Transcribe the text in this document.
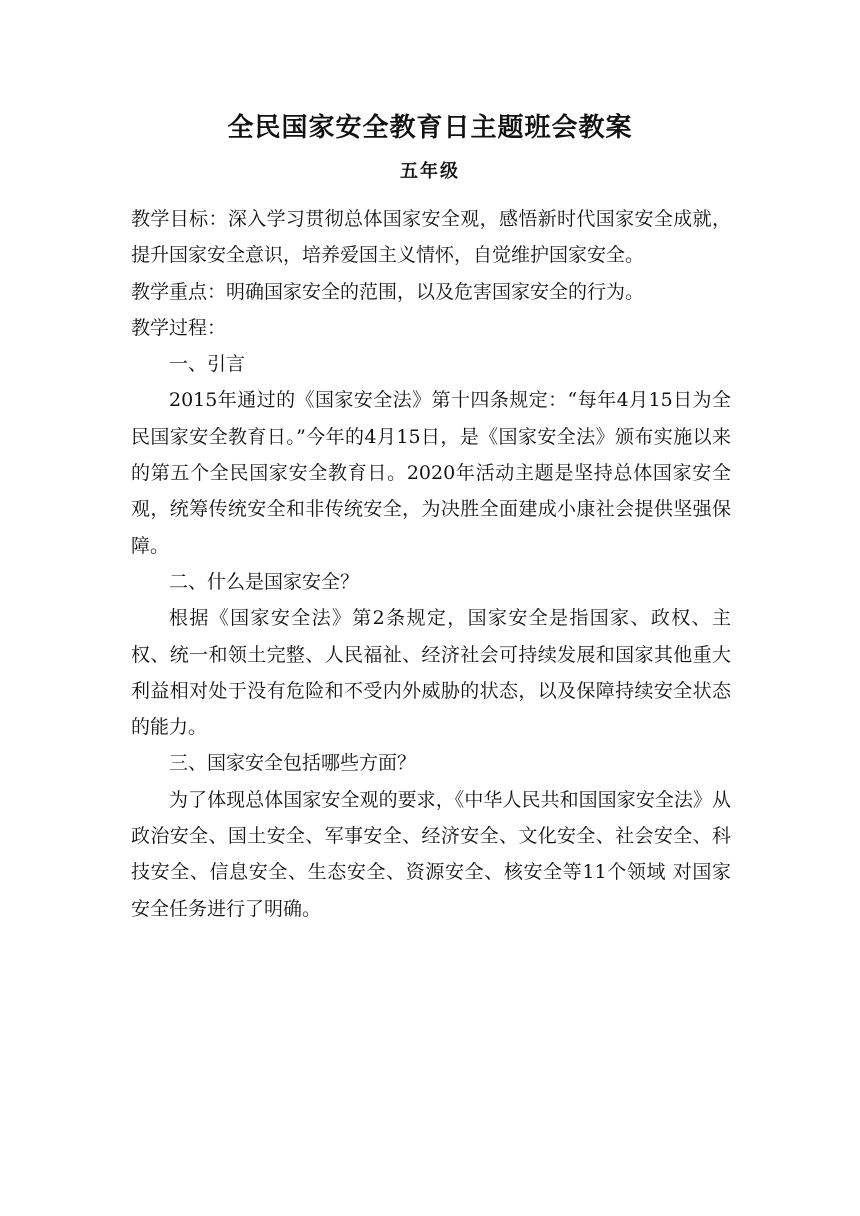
全民国家安全教育日主题班会教案
五年级

教学目标：深入学习贯彻总体国家安全观，感悟新时代国家安全成就，提升国家安全意识，培养爱国主义情怀，自觉维护国家安全。

教学重点：明确国家安全的范围，以及危害国家安全的行为。

教学过程：

一、引言

2015年通过的《国家安全法》第十四条规定：“每年4月15日为全民国家安全教育日。”今年的4月15日，是《国家安全法》颁布实施以来的第五个全民国家安全教育日。2020年活动主题是坚持总体国家安全观，统筹传统安全和非传统安全，为决胜全面建成小康社会提供坚强保障。

二、什么是国家安全？

根据《国家安全法》第2条规定，国家安全是指国家、政权、主权、统一和领土完整、人民福祉、经济社会可持续发展和国家其他重大利益相对处于没有危险和不受内外威胁的状态，以及保障持续安全状态的能力。

三、国家安全包括哪些方面？

为了体现总体国家安全观的要求，《中华人民共和国国家安全法》从政治安全、国土安全、军事安全、经济安全、文化安全、社会安全、科技安全、信息安全、生态安全、资源安全、核安全等11个领域 对国家安全任务进行了明确。
